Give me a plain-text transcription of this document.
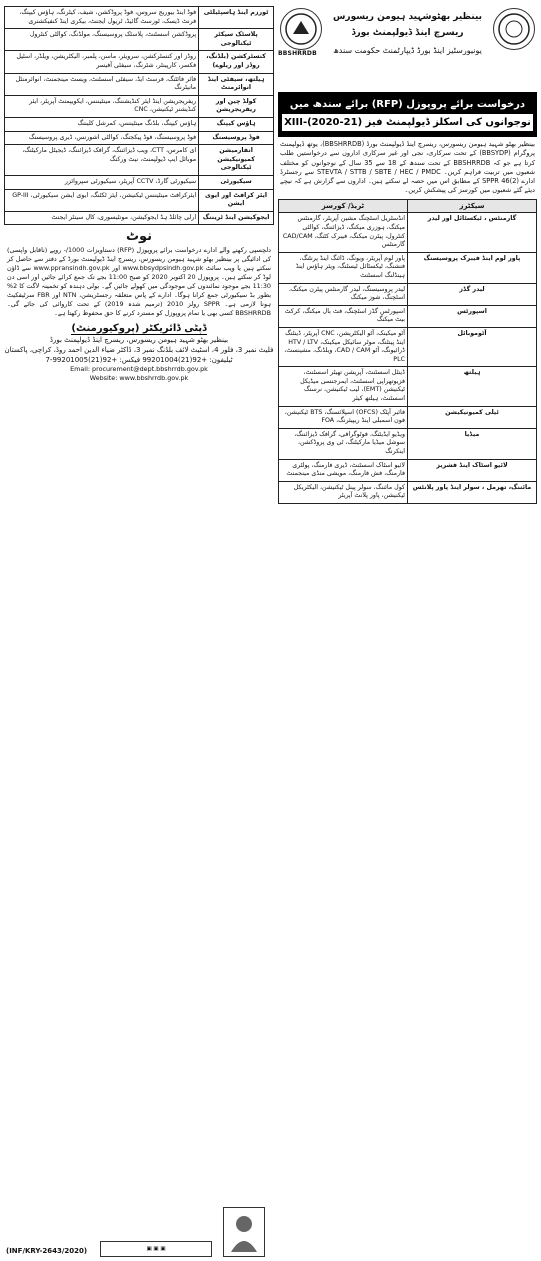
BBSHRRDB
بینظیر بھٹوشہید ہیومن ریسورس
ریسرچ اینڈ ڈیولپمنٹ بورڈ
یونیورسٹیز اینڈ بورڈ ڈیپارٹمنٹ حکومت سندھ
درخواست برائے پروپوزل (RFP) برائے سندھ میں
نوجوانوں کی اسکلز ڈیولپمنٹ فیز XIII-(2020-21)
بینظیر بھٹو شہید ہیومن ریسورس، ریسرچ اینڈ ڈیولپمنٹ بورڈ (BBSHRRDB)، یوتھ ڈیولپمنٹ پروگرام (BBSYDP) کے تحت سرکاری، نجی اور غیر سرکاری اداروں سے درخواستیں طلب کرتا ہے جو کہ BBSHRRDB کے تحت سندھ کے 18 سے 35 سال کے نوجوانوں کو مختلف شعبوں میں تربیت فراہم کریں۔ STEVTA / STTB / SBTE / HEC / PMDC سے رجسٹرڈ ادارے SPPR 46(2) کے مطابق اس میں حصہ لے سکتے ہیں۔ اداروں سے گزارش ہے کہ نیچے دیئے گئے شعبوں میں کورسز کی پیشکش کریں۔
ٹریڈ/ کورسز	سیکٹرز
انڈسٹریل اسٹچنگ مشین آپریٹر، گارمنٹس میکنگ، ہوزری میکنگ، ڈیزائننگ، کوالٹی کنٹرول، پیٹرن میکنگ، فیبرک کٹنگ، CAD/CAM گارمنٹس	گارمنٹس ، ٹیکسٹائل اور لیدر
پاور لوم آپریٹر، ویونگ، ڈائنگ اینڈ پرنٹنگ، فنشنگ، ٹیکسٹائل ٹیسٹنگ، ویئر ہاؤس اینڈ ہینڈلنگ اسسٹنٹ	پاور لوم اینڈ فیبرک پروسیسنگ
لیدر پروسیسنگ، لیدر گارمنٹس پیٹرن میکنگ، اسٹچنگ، شوز میکنگ	لیدر گڈز
اسپورٹس گڈز اسٹچنگ، فٹ بال میکنگ، کرکٹ بیٹ میکنگ	اسپورٹس
آٹو میکینک، آٹو الیکٹریشن، CNC آپریٹر، ڈینٹنگ اینڈ پینٹنگ، موٹر سائیکل میکینک، HTV / LTV ڈرائیونگ، آٹو CAD / CAM، ویلڈنگ، مشینسٹ، PLC	آٹوموبائل
ڈینٹل اسسٹنٹ، آپریشن تھیٹر اسسٹنٹ، فزیوتھراپی اسسٹنٹ، ایمرجنسی میڈیکل ٹیکنیشن (EMT)، لیب ٹیکنیشن، نرسنگ اسسٹنٹ، ہیلتھ کیئر	ہیلتھ
فائبر آپٹک (OFCS) اسپلائسنگ، BTS ٹیکنیشن، فون اسمبلی اینڈ ریپیئرنگ، FOA	ٹیلی کمیونیکیشن
ویڈیو ایڈیٹنگ، فوٹوگرافی، گرافک ڈیزائننگ، سوشل میڈیا مارکیٹنگ، ٹی وی پروڈکشن، اینکرنگ	میڈیا
لائیو اسٹاک اسسٹنٹ، ڈیری فارمنگ، پولٹری فارمنگ، فش فارمنگ، مویشی منڈی مینجمنٹ	لائیو اسٹاک اینڈ فشریز
کول مائننگ، سولر پینل ٹیکنیشن، الیکٹریکل ٹیکنیشن، پاور پلانٹ آپریٹر	مائننگ، تھرمل ، سولر اینڈ پاور پلانٹس
فوڈ اینڈ بیوریج سروس، فوڈ پروڈکشن، شیف، کیٹرنگ، ہاؤس کیپنگ، فرنٹ ڈیسک، ٹورسٹ گائیڈ، ٹریول ایجنٹ، بیکری اینڈ کنفیکشنری	ٹورزم اینڈ ہاسپٹیلٹی
پروڈکشن اسسٹنٹ، پلاسٹک پروسیسنگ، مولڈنگ، کوالٹی کنٹرول	پلاسٹک سیکٹر ٹیکنالوجی
روڈز اور کنسٹرکشن، سرویئر، ماسن، پلمبر، الیکٹریشن، ویلڈر، اسٹیل فکسر، کارپینٹر، شٹرنگ، سیفٹی آفیسر	کنسٹرکشن (بلڈنگ، روڈز اور ریلوے)
فائر فائٹنگ، فرسٹ ایڈ، سیفٹی اسسٹنٹ، ویسٹ مینجمنٹ، انوائرمنٹل مانیٹرنگ	ہیلتھ، سیفٹی اینڈ انوائرمنٹ
ریفریجریشن اینڈ ایئر کنڈیشننگ، مینٹیننس، ایکویپمنٹ آپریٹر، ایئر کنڈیشنر ٹیکنیشن، CNC	کولڈ چین اور ریفریجریشن
ہاؤس کیپنگ، بلڈنگ مینٹیننس، کمرشل کلیننگ	ہاؤس کیپنگ
فوڈ پروسیسنگ، فوڈ پیکجنگ، کوالٹی اشورنس، ڈیری پروسیسنگ	فوڈ پروسیسنگ
ای کامرس، CTT، ویب ڈیزائننگ، گرافک ڈیزائننگ، ڈیجیٹل مارکیٹنگ، موبائل ایپ ڈیولپمنٹ، نیٹ ورکنگ	انفارمیشن کمیونیکیشن ٹیکنالوجی
سیکیورٹی گارڈ، CCTV آپریٹر، سیکیورٹی سپروائزر	سیکیورٹی
ایئرکرافٹ مینٹیننس ٹیکنیشن، ایئر ٹکٹنگ، ایوی ایشن سیکیورٹی، GP-III	ایئر کرافٹ اور ایوی ایشن
ارلی چائلڈ ہڈ ایجوکیشن، مونٹیسوری، کال سینٹر ایجنٹ	ایجوکیشن اینڈ ٹریننگ
نوٹ
دلچسپی رکھنے والے ادارے درخواست برائے پروپوزل (RFP) دستاویزات 1000/- روپے (ناقابل واپسی) کی ادائیگی پر بینظیر بھٹو شہید ہیومن ریسورس، ریسرچ اینڈ ڈیولپمنٹ بورڈ کے دفتر سے حاصل کر سکتے ہیں یا ویب سائٹ www.bbsydpsindh.gov.pk اور www.ppransindh.gov.pk سے ڈاؤن لوڈ کر سکتے ہیں۔ پروپوزل 20 اکتوبر 2020 کو صبح 11:00 بجے تک جمع کرائے جائیں اور اسی دن 11:30 بجے موجود نمائندوں کی موجودگی میں کھولے جائیں گے۔ بولی دہندہ کو تخمینہ لاگت کا 2% بطور بڈ سیکیورٹی جمع کرانا ہوگا۔ ادارے کے پاس متعلقہ رجسٹریشن، NTN اور FBR سرٹیفکیٹ ہونا لازمی ہے۔ SPPR رولز 2010 (ترمیم شدہ 2019) کے تحت کاروائی کی جائے گی۔ BBSHRRDB کسی بھی یا تمام پروپوزل کو مسترد کرنے کا حق محفوظ رکھتا ہے۔
ڈپٹی ڈائریکٹر (پروکیورمنٹ)
بینظیر بھٹو شہید ہیومن ریسورس، ریسرچ اینڈ ڈیولپمنٹ بورڈ
فلیٹ نمبر 3، فلور 4، اسٹیٹ لائف بلڈنگ نمبر 3، ڈاکٹر ضیاء الدین احمد روڈ، کراچی، پاکستان
ٹیلیفون: +92(21)99201004 فیکس: +92(21)99201005-7
Email: procurement@dept.bbshrrdb.gov.pk
Website: www.bbshrrdb.gov.pk
(INF/KRY-2643/2020)	▣ ▣ ▣
